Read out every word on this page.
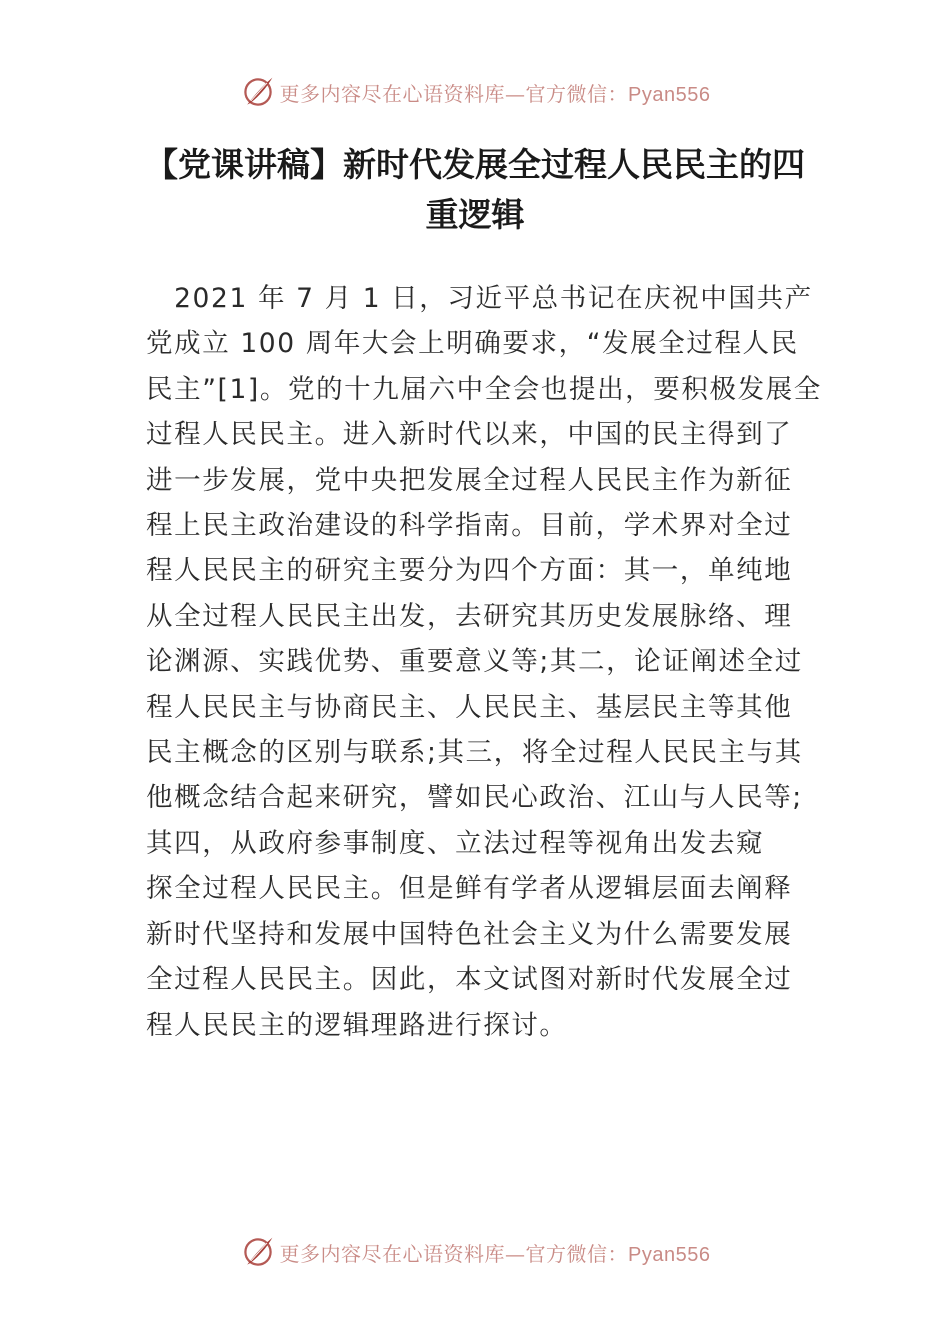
更多内容尽在心语资料库—官方微信：Pyan556
【党课讲稿】新时代发展全过程人民民主的四
重逻辑
　2021 年 7 月 1 日，习近平总书记在庆祝中国共产
党成立 100 周年大会上明确要求，“发展全过程人民
民主”[1]。党的十九届六中全会也提出，要积极发展全
过程人民民主。进入新时代以来，中国的民主得到了
进一步发展，党中央把发展全过程人民民主作为新征
程上民主政治建设的科学指南。目前，学术界对全过
程人民民主的研究主要分为四个方面：其一，单纯地
从全过程人民民主出发，去研究其历史发展脉络、理
论渊源、实践优势、重要意义等;其二，论证阐述全过
程人民民主与协商民主、人民民主、基层民主等其他
民主概念的区别与联系;其三，将全过程人民民主与其
他概念结合起来研究，譬如民心政治、江山与人民等;
其四，从政府参事制度、立法过程等视角出发去窥
探全过程人民民主。但是鲜有学者从逻辑层面去阐释
新时代坚持和发展中国特色社会主义为什么需要发展
全过程人民民主。因此，本文试图对新时代发展全过
程人民民主的逻辑理路进行探讨。
更多内容尽在心语资料库—官方微信：Pyan556
